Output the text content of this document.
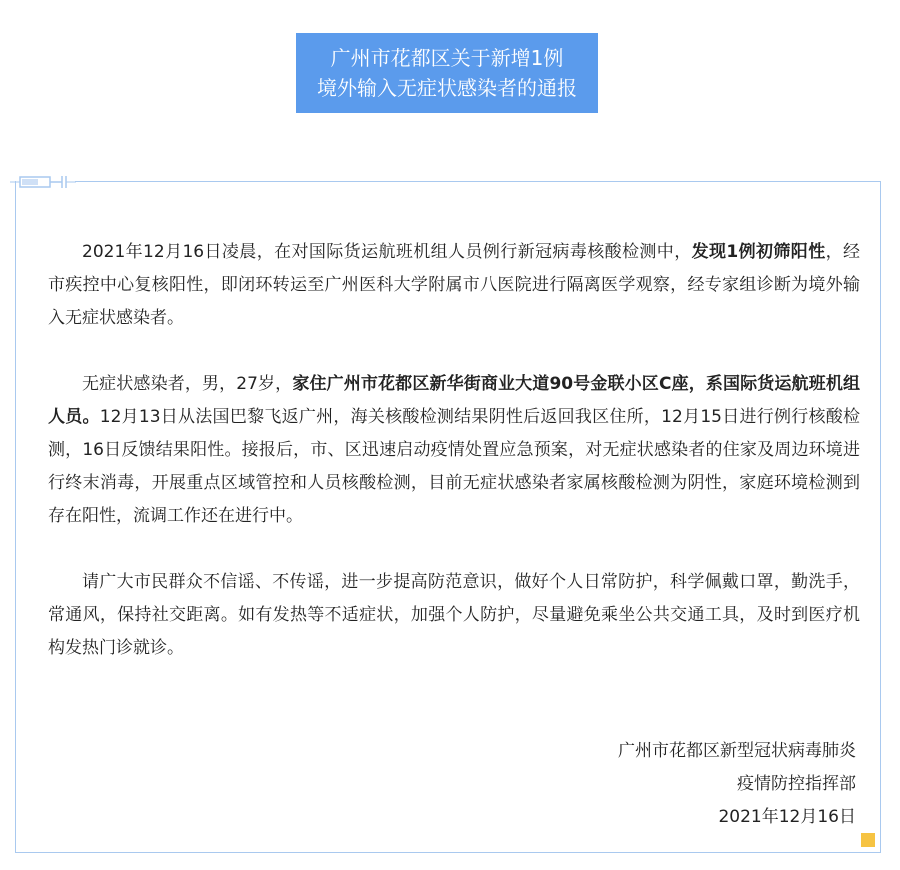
广州市花都区关于新增1例
境外输入无症状感染者的通报

2021年12月16日凌晨，在对国际货运航班机组人员例行新冠病毒核酸检测中，发现1例初筛阳性，经市疾控中心复核阳性，即闭环转运至广州医科大学附属市八医院进行隔离医学观察，经专家组诊断为境外输入无症状感染者。

无症状感染者，男，27岁，家住广州市花都区新华街商业大道90号金联小区C座，系国际货运航班机组人员。12月13日从法国巴黎飞返广州，海关核酸检测结果阴性后返回我区住所，12月15日进行例行核酸检测，16日反馈结果阳性。接报后，市、区迅速启动疫情处置应急预案，对无症状感染者的住家及周边环境进行终末消毒，开展重点区域管控和人员核酸检测，目前无症状感染者家属核酸检测为阴性，家庭环境检测到存在阳性，流调工作还在进行中。

请广大市民群众不信谣、不传谣，进一步提高防范意识，做好个人日常防护，科学佩戴口罩，勤洗手，常通风，保持社交距离。如有发热等不适症状，加强个人防护，尽量避免乘坐公共交通工具，及时到医疗机构发热门诊就诊。

广州市花都区新型冠状病毒肺炎
疫情防控指挥部
2021年12月16日
